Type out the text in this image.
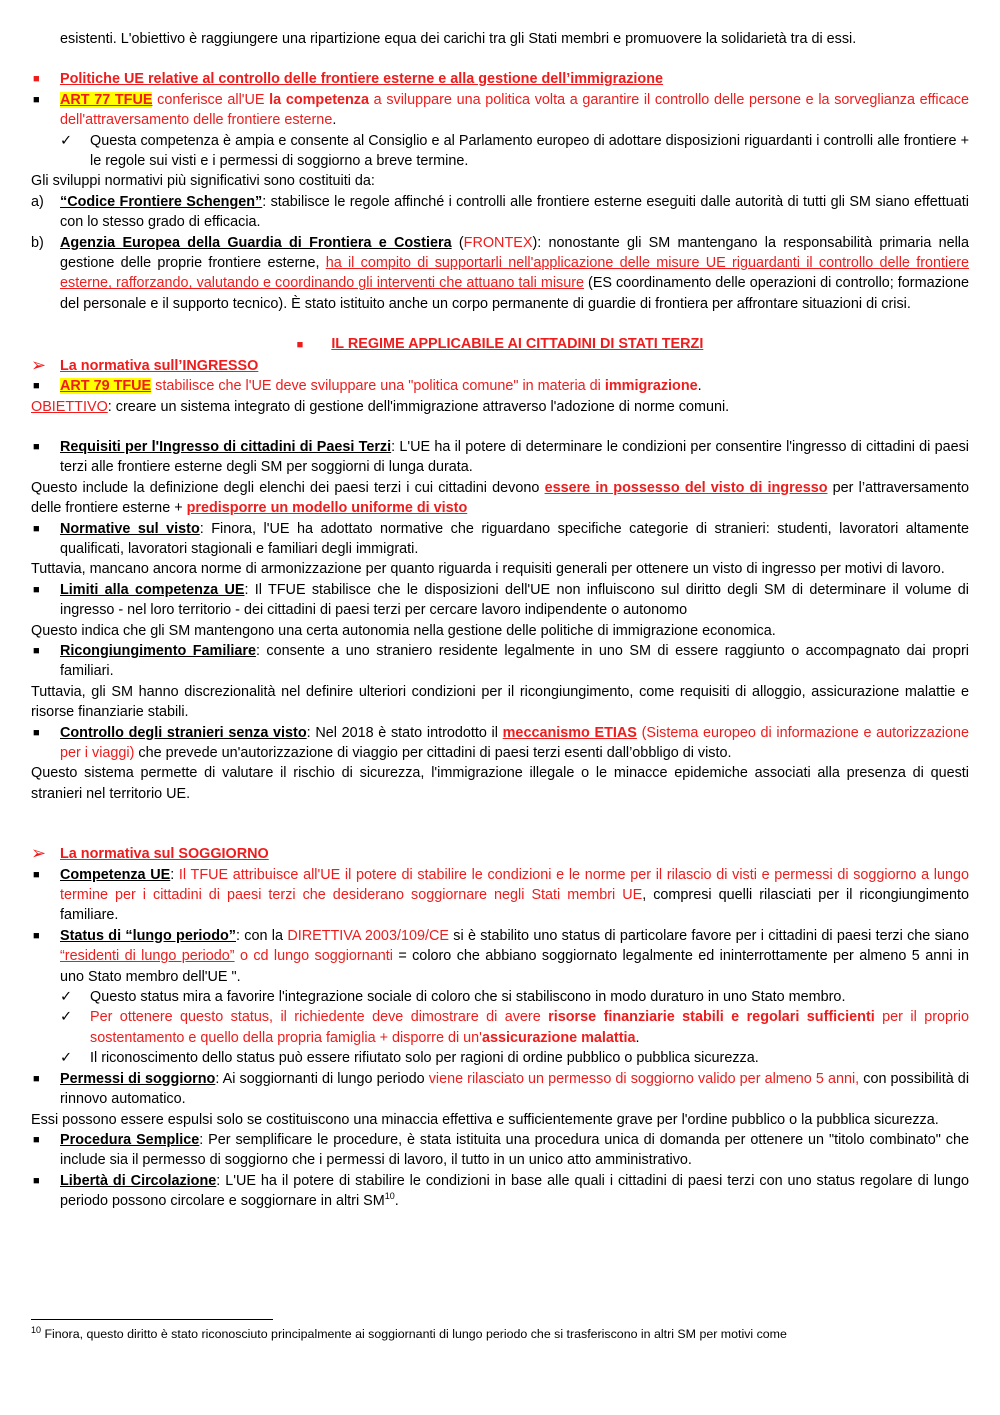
esistenti. L'obiettivo è raggiungere una ripartizione equa dei carichi tra gli Stati membri e promuovere la solidarietà tra di essi.

■	Politiche UE relative al controllo delle frontiere esterne e alla gestione dell’immigrazione
■	ART 77 TFUE conferisce all'UE la competenza a sviluppare una politica volta a garantire il controllo delle persone e la sorveglianza efficace dell'attraversamento delle frontiere esterne.
✓ Questa competenza è ampia e consente al Consiglio e al Parlamento europeo di adottare disposizioni riguardanti i controlli alle frontiere + le regole sui visti e i permessi di soggiorno a breve termine.

Gli sviluppi normativi più significativi sono costituiti da:

a) “Codice Frontiere Schengen”: stabilisce le regole affinché i controlli alle frontiere esterne eseguiti dalle autorità di tutti gli SM siano effettuati con lo stesso grado di efficacia.
b) Agenzia Europea della Guardia di Frontiera e Costiera (FRONTEX): nonostante gli SM mantengano la responsabilità primaria nella gestione delle proprie frontiere esterne, ha il compito di supportarli nell'applicazione delle misure UE riguardanti il controllo delle frontiere esterne, rafforzando, valutando e coordinando gli interventi che attuano tali misure (ES coordinamento delle operazioni di controllo; formazione del personale e il supporto tecnico). È stato istituito anche un corpo permanente di guardie di frontiera per affrontare situazioni di crisi.
■ IL REGIME APPLICABILE AI CITTADINI DI STATI TERZI
➢ La normativa sull’INGRESSO
■	ART 79 TFUE stabilisce che l'UE deve sviluppare una "politica comune" in materia di immigrazione.

OBIETTIVO: creare un sistema integrato di gestione dell'immigrazione attraverso l'adozione di norme comuni.

■	Requisiti per l'Ingresso di cittadini di Paesi Terzi: L'UE ha il potere di determinare le condizioni per consentire l'ingresso di cittadini di paesi terzi alle frontiere esterne degli SM per soggiorni di lunga durata.

Questo include la definizione degli elenchi dei paesi terzi i cui cittadini devono essere in possesso del visto di ingresso per l’attraversamento delle frontiere esterne + predisporre un modello uniforme di visto

■	Normative sul visto: Finora, l'UE ha adottato normative che riguardano specifiche categorie di stranieri: studenti, lavoratori altamente qualificati, lavoratori stagionali e familiari degli immigrati.

Tuttavia, mancano ancora norme di armonizzazione per quanto riguarda i requisiti generali per ottenere un visto di ingresso per motivi di lavoro.

■	Limiti alla competenza UE: Il TFUE stabilisce che le disposizioni dell'UE non influiscono sul diritto degli SM di determinare il volume di ingresso - nel loro territorio - dei cittadini di paesi terzi per cercare lavoro indipendente o autonomo

Questo indica che gli SM mantengono una certa autonomia nella gestione delle politiche di immigrazione economica.

■	Ricongiungimento Familiare: consente a uno straniero residente legalmente in uno SM di essere raggiunto o accompagnato dai propri familiari.

Tuttavia, gli SM hanno discrezionalità nel definire ulteriori condizioni per il ricongiungimento, come requisiti di alloggio, assicurazione malattie e risorse finanziarie stabili.

■	Controllo degli stranieri senza visto: Nel 2018 è stato introdotto il meccanismo ETIAS (Sistema europeo di informazione e autorizzazione per i viaggi) che prevede un'autorizzazione di viaggio per cittadini di paesi terzi esenti dall’obbligo di visto.

Questo sistema permette di valutare il rischio di sicurezza, l'immigrazione illegale o le minacce epidemiche associati alla presenza di questi stranieri nel territorio UE.

➢ La normativa sul SOGGIORNO
■	Competenza UE: Il TFUE attribuisce all'UE il potere di stabilire le condizioni e le norme per il rilascio di visti e permessi di soggiorno a lungo termine per i cittadini di paesi terzi che desiderano soggiornare negli Stati membri UE, compresi quelli rilasciati per il ricongiungimento familiare.
■	Status di “lungo periodo”: con la DIRETTIVA 2003/109/CE si è stabilito uno status di particolare favore per i cittadini di paesi terzi che siano “residenti di lungo periodo” o cd lungo soggiornanti = coloro che abbiano soggiornato legalmente ed ininterrottamente per almeno 5 anni in uno Stato membro dell'UE ".
✓ Questo status mira a favorire l'integrazione sociale di coloro che si stabiliscono in modo duraturo in uno Stato membro.
✓ Per ottenere questo status, il richiedente deve dimostrare di avere risorse finanziarie stabili e regolari sufficienti per il proprio sostentamento e quello della propria famiglia + disporre di un'assicurazione malattia.
✓ Il riconoscimento dello status può essere rifiutato solo per ragioni di ordine pubblico o pubblica sicurezza.
■	Permessi di soggiorno: Ai soggiornanti di lungo periodo viene rilasciato un permesso di soggiorno valido per almeno 5 anni, con possibilità di rinnovo automatico.

Essi possono essere espulsi solo se costituiscono una minaccia effettiva e sufficientemente grave per l'ordine pubblico o la pubblica sicurezza.

■	Procedura Semplice: Per semplificare le procedure, è stata istituita una procedura unica di domanda per ottenere un "titolo combinato" che include sia il permesso di soggiorno che i permessi di lavoro, il tutto in un unico atto amministrativo.
■	Libertà di Circolazione: L'UE ha il potere di stabilire le condizioni in base alle quali i cittadini di paesi terzi con uno status regolare di lungo periodo possono circolare e soggiornare in altri SM$^{10}$.
$^{10}$ Finora, questo diritto è stato riconosciuto principalmente ai soggiornanti di lungo periodo che si trasferiscono in altri SM per motivi come
